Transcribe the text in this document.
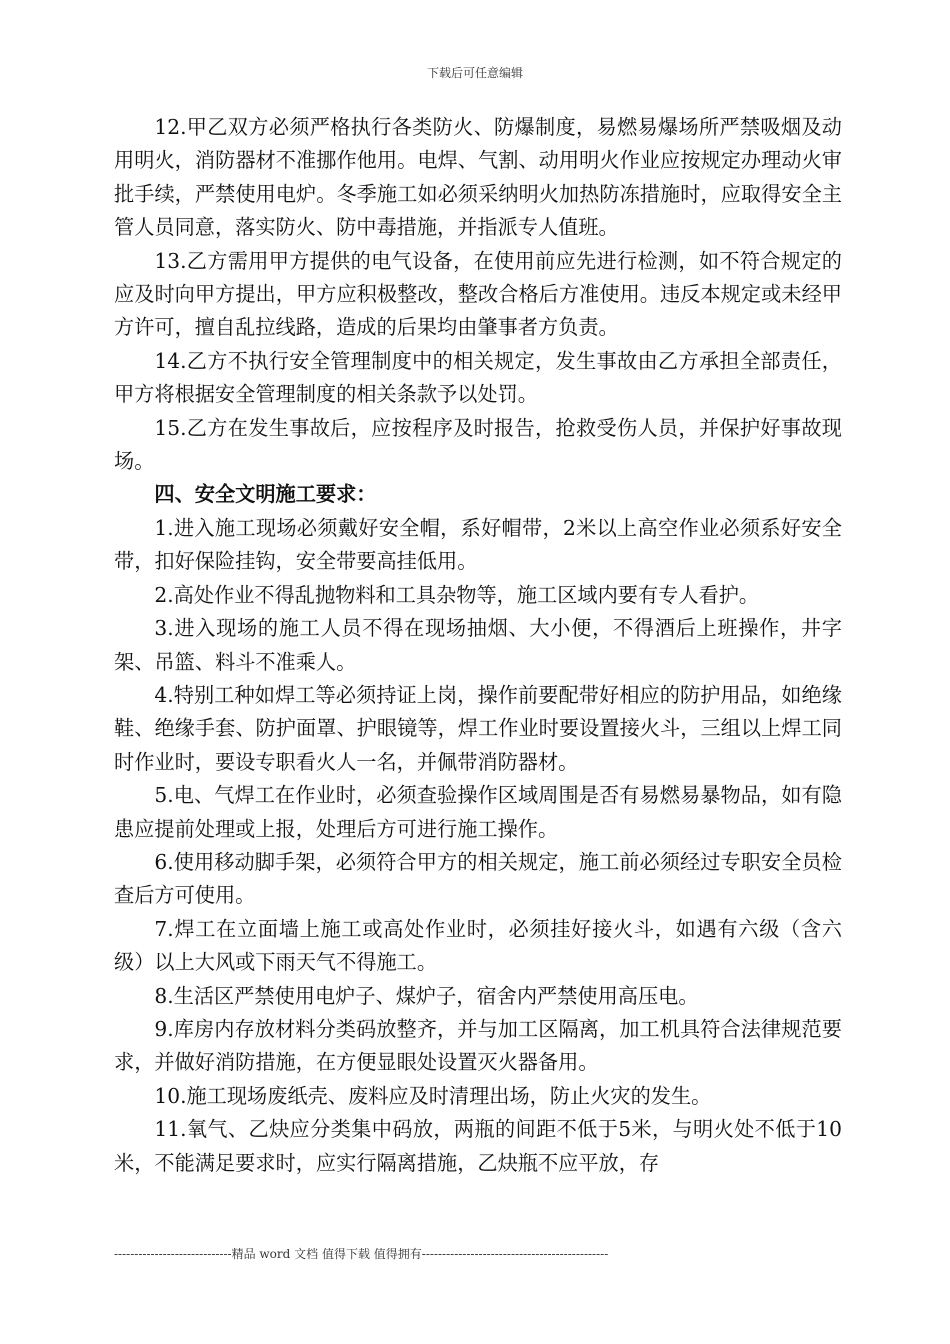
下载后可任意编辑

12.甲乙双方必须严格执行各类防火、防爆制度，易燃易爆场所严禁吸烟及动用明火，消防器材不准挪作他用。电焊、气割、动用明火作业应按规定办理动火审批手续，严禁使用电炉。冬季施工如必须采纳明火加热防冻措施时，应取得安全主管人员同意，落实防火、防中毒措施，并指派专人值班。

13.乙方需用甲方提供的电气设备，在使用前应先进行检测，如不符合规定的应及时向甲方提出，甲方应积极整改，整改合格后方准使用。违反本规定或未经甲方许可，擅自乱拉线路，造成的后果均由肇事者方负责。

14.乙方不执行安全管理制度中的相关规定，发生事故由乙方承担全部责任，甲方将根据安全管理制度的相关条款予以处罚。

15.乙方在发生事故后，应按程序及时报告，抢救受伤人员，并保护好事故现场。

四、安全文明施工要求：

1.进入施工现场必须戴好安全帽，系好帽带，2米以上高空作业必须系好安全带，扣好保险挂钩，安全带要高挂低用。

2.高处作业不得乱抛物料和工具杂物等，施工区域内要有专人看护。

3.进入现场的施工人员不得在现场抽烟、大小便，不得酒后上班操作，井字架、吊篮、料斗不准乘人。

4.特别工种如焊工等必须持证上岗，操作前要配带好相应的防护用品，如绝缘鞋、绝缘手套、防护面罩、护眼镜等，焊工作业时要设置接火斗，三组以上焊工同时作业时，要设专职看火人一名，并佩带消防器材。

5.电、气焊工在作业时，必须查验操作区域周围是否有易燃易暴物品，如有隐患应提前处理或上报，处理后方可进行施工操作。

6.使用移动脚手架，必须符合甲方的相关规定，施工前必须经过专职安全员检查后方可使用。

7.焊工在立面墙上施工或高处作业时，必须挂好接火斗，如遇有六级（含六级）以上大风或下雨天气不得施工。

8.生活区严禁使用电炉子、煤炉子，宿舍内严禁使用高压电。

9.库房内存放材料分类码放整齐，并与加工区隔离，加工机具符合法律规范要求，并做好消防措施，在方便显眼处设置灭火器备用。

10.施工现场废纸壳、废料应及时清理出场，防止火灾的发生。

11.氧气、乙炔应分类集中码放，两瓶的间距不低于5米，与明火处不低于10米，不能满足要求时，应实行隔离措施，乙炔瓶不应平放，存

-----------------------------精品 word 文档 值得下载 值得拥有----------------------------------------------
